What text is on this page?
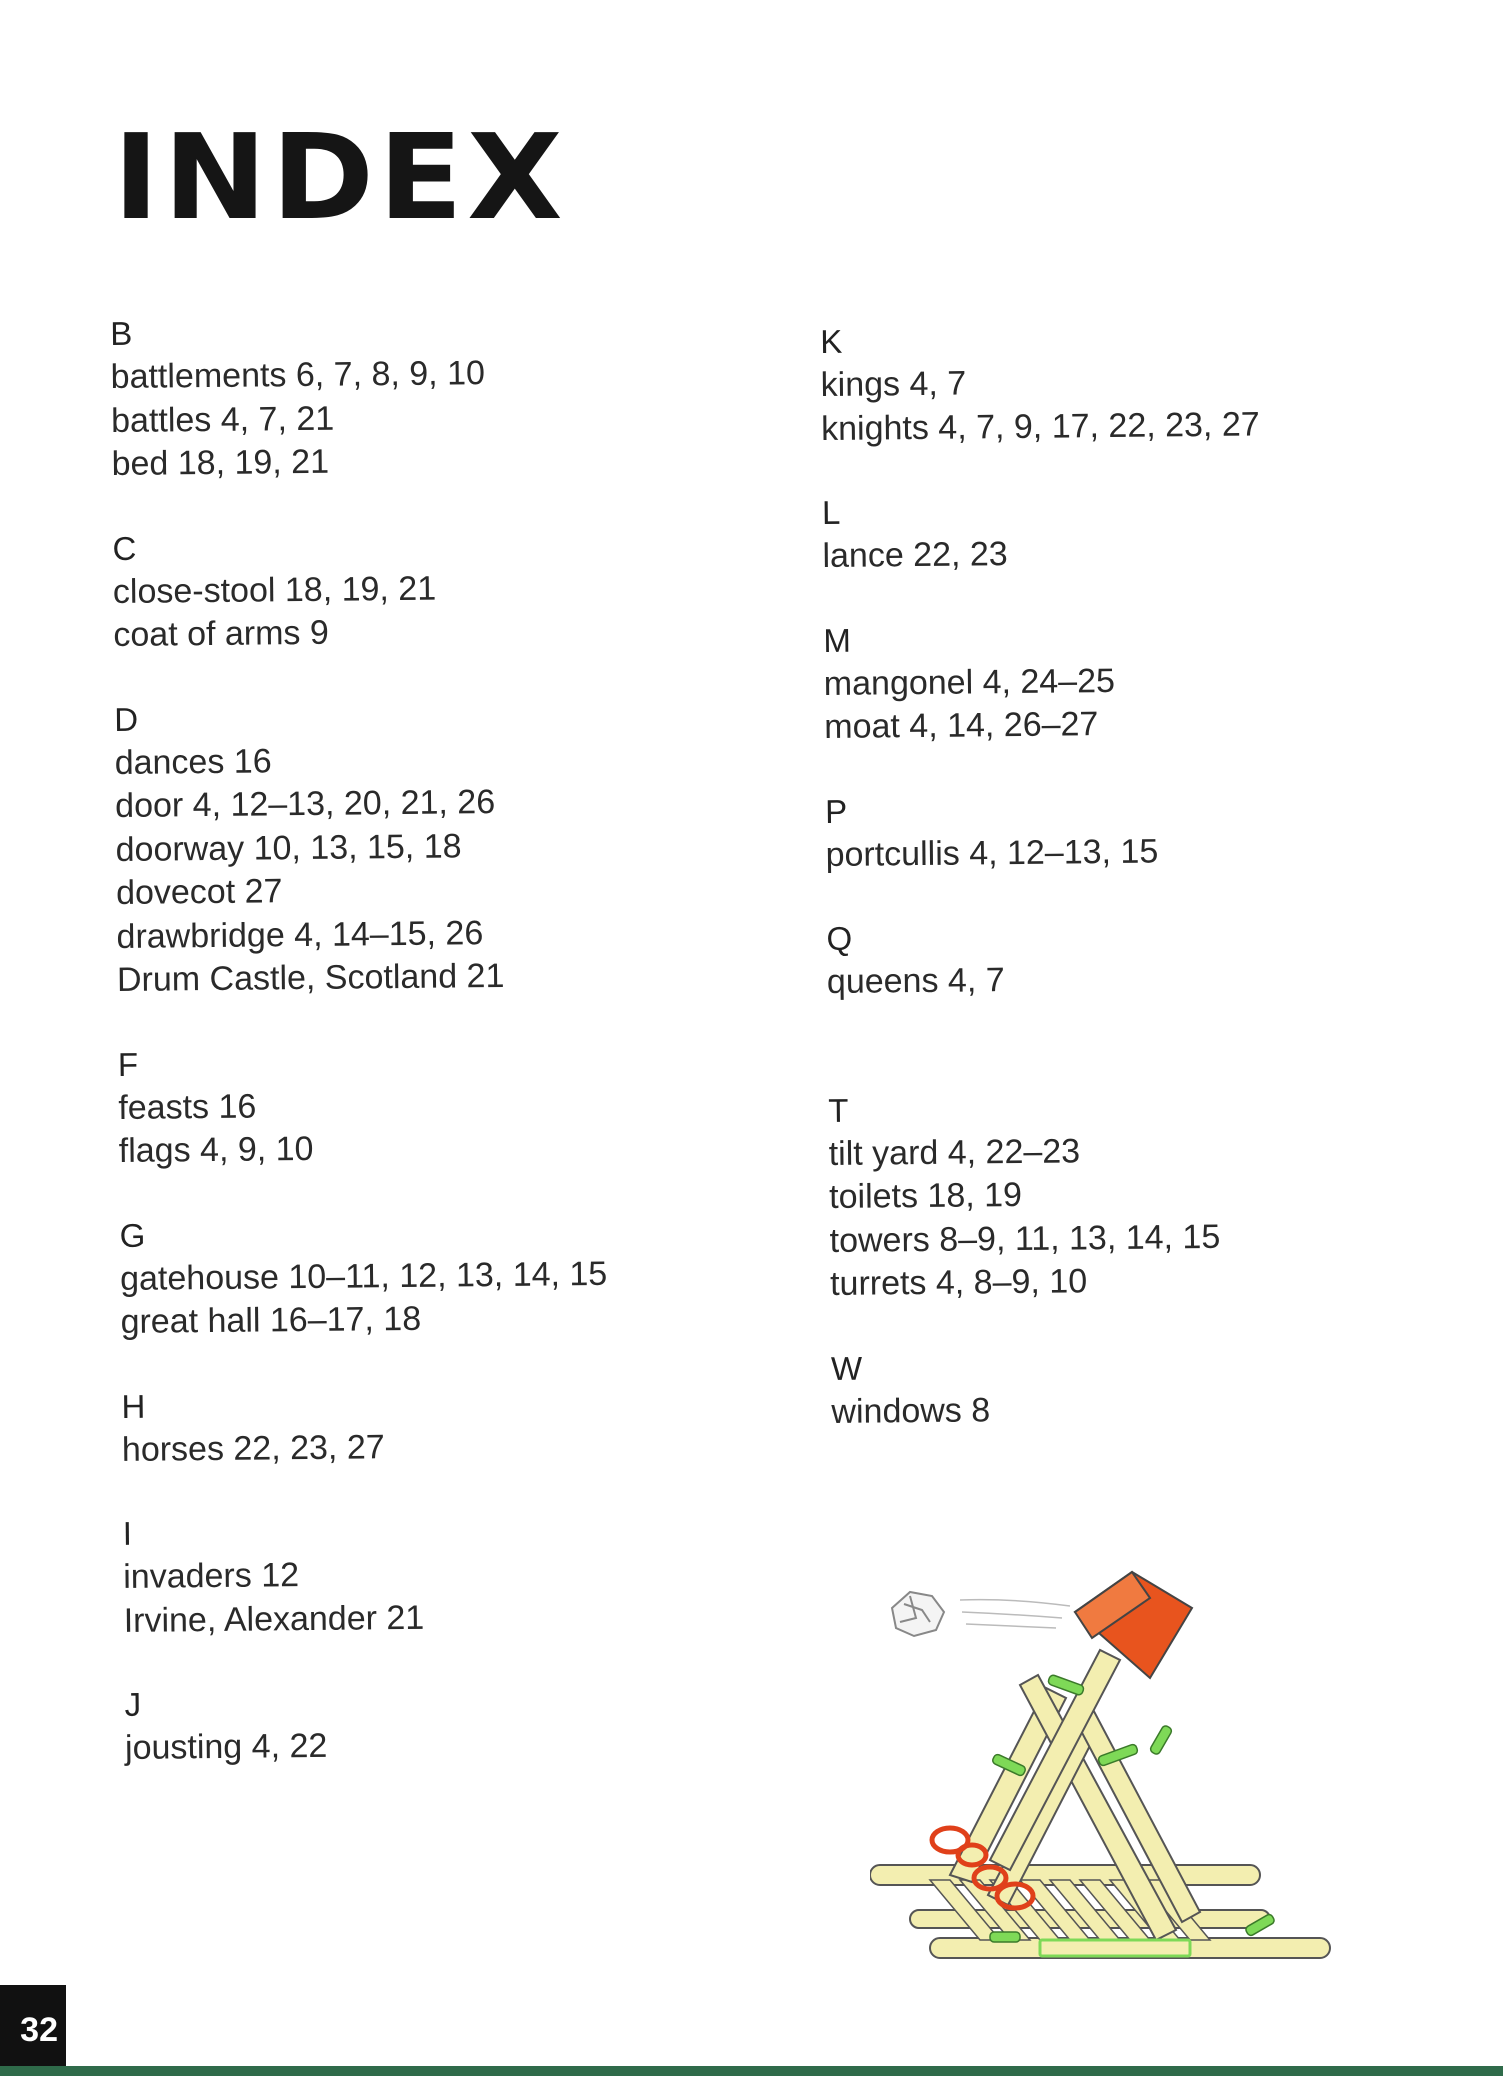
INDEX
B
battlements 6, 7, 8, 9, 10
battles 4, 7, 21
bed 18, 19, 21
C
close-stool 18, 19, 21
coat of arms 9
D
dances 16
door 4, 12–13, 20, 21, 26
doorway 10, 13, 15, 18
dovecot 27
drawbridge 4, 14–15, 26
Drum Castle, Scotland 21
F
feasts 16
flags 4, 9, 10
G
gatehouse 10–11, 12, 13, 14, 15
great hall 16–17, 18
H
horses 22, 23, 27
I
invaders 12
Irvine, Alexander 21
J
jousting 4, 22
K
kings 4, 7
knights 4, 7, 9, 17, 22, 23, 27
L
lance 22, 23
M
mangonel 4, 24–25
moat 4, 14, 26–27
P
portcullis 4, 12–13, 15
Q
queens 4, 7
T
tilt yard 4, 22–23
toilets 18, 19
towers 8–9, 11, 13, 14, 15
turrets 4, 8–9, 10
W
windows 8
32
